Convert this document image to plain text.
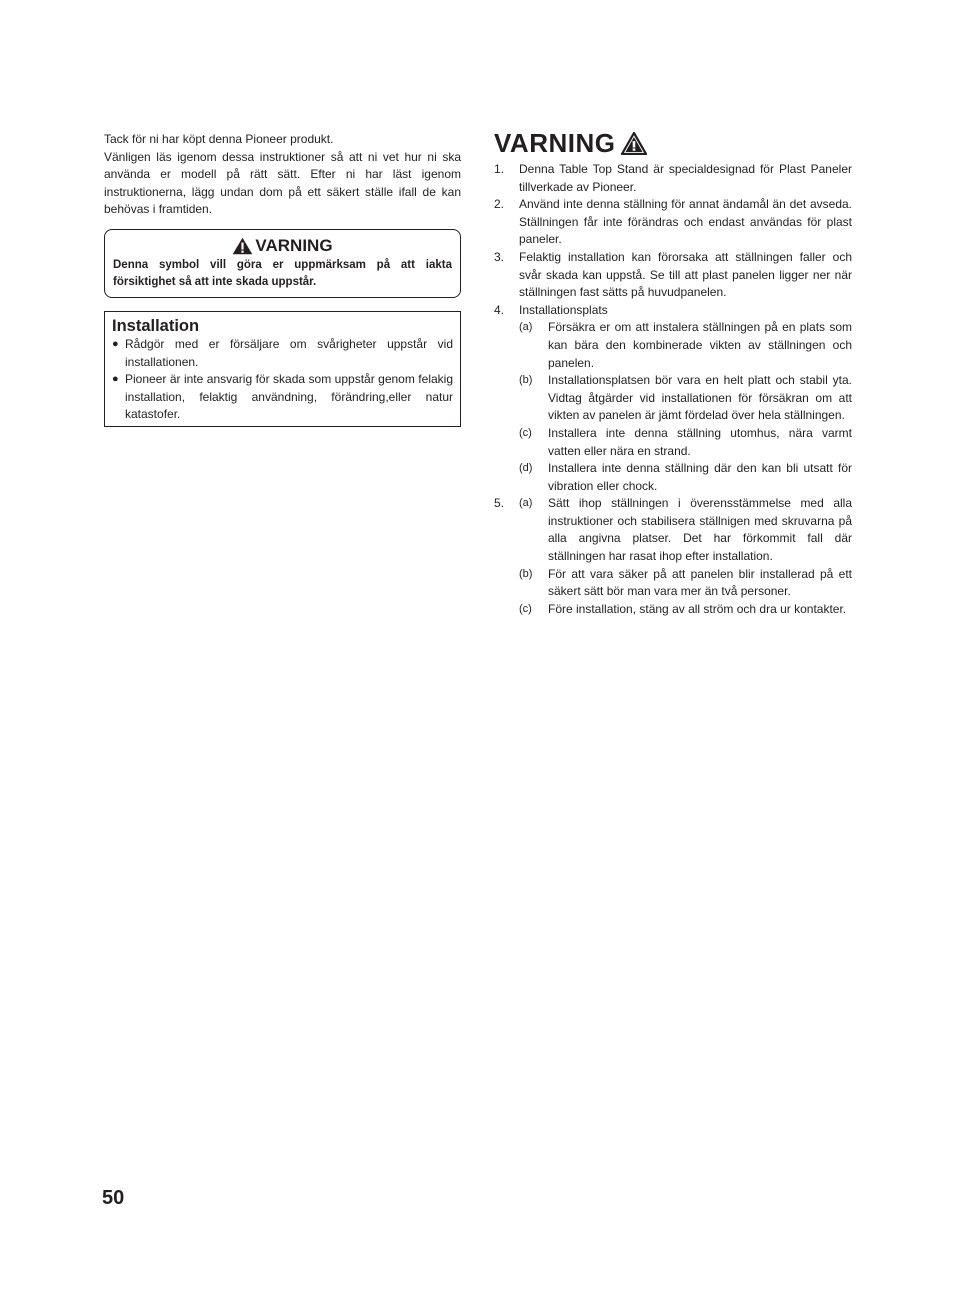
Tack för ni har köpt denna Pioneer produkt.

Vänligen läs igenom dessa instruktioner så att ni vet hur ni ska använda er modell på rätt sätt. Efter ni har läst igenom instruktionerna, lägg undan dom på ett säkert ställe ifall de kan behövas i framtiden.

VARNING
Denna symbol vill göra er uppmärksam på att iakta försiktighet så att inte skada uppstår.
Installation
● Rådgör med er försäljare om svårigheter uppstår vid installationen.
● Pioneer är inte ansvarig för skada som uppstår genom felakig installation, felaktig användning, förändring,eller natur katastofer.
VARNING
1.	Denna Table Top Stand är specialdesignad för Plast Paneler tillverkade av Pioneer.
2.	Använd inte denna ställning för annat ändamål än det avseda. Ställningen får inte förändras och endast användas för plast paneler.
3.	Felaktig installation kan förorsaka att ställningen faller och svår skada kan uppstå. Se till att plast panelen ligger ner när ställningen fast sätts på huvudpanelen.
4.	Installationsplats
(a)	Försäkra er om att instalera ställningen på en plats som kan bära den kombinerade vikten av ställningen och panelen.
(b)	Installationsplatsen bör vara en helt platt och stabil yta. Vidtag åtgärder vid installationen för försäkran om att vikten av panelen är jämt fördelad över hela ställningen.
(c)	Installera inte denna ställning utomhus, nära varmt vatten eller nära en strand.
(d)	Installera inte denna ställning där den kan bli utsatt för vibration eller chock.
5.	(a)	Sätt ihop ställningen i överensstämmelse med alla instruktioner och stabilisera ställnigen med skruvarna på alla angivna platser. Det har förkommit fall där ställningen har rasat ihop efter installation.
(b)	För att vara säker på att panelen blir installerad på ett säkert sätt bör man vara mer än två personer.
(c)	Före installation, stäng av all ström och dra ur kontakter.
50
